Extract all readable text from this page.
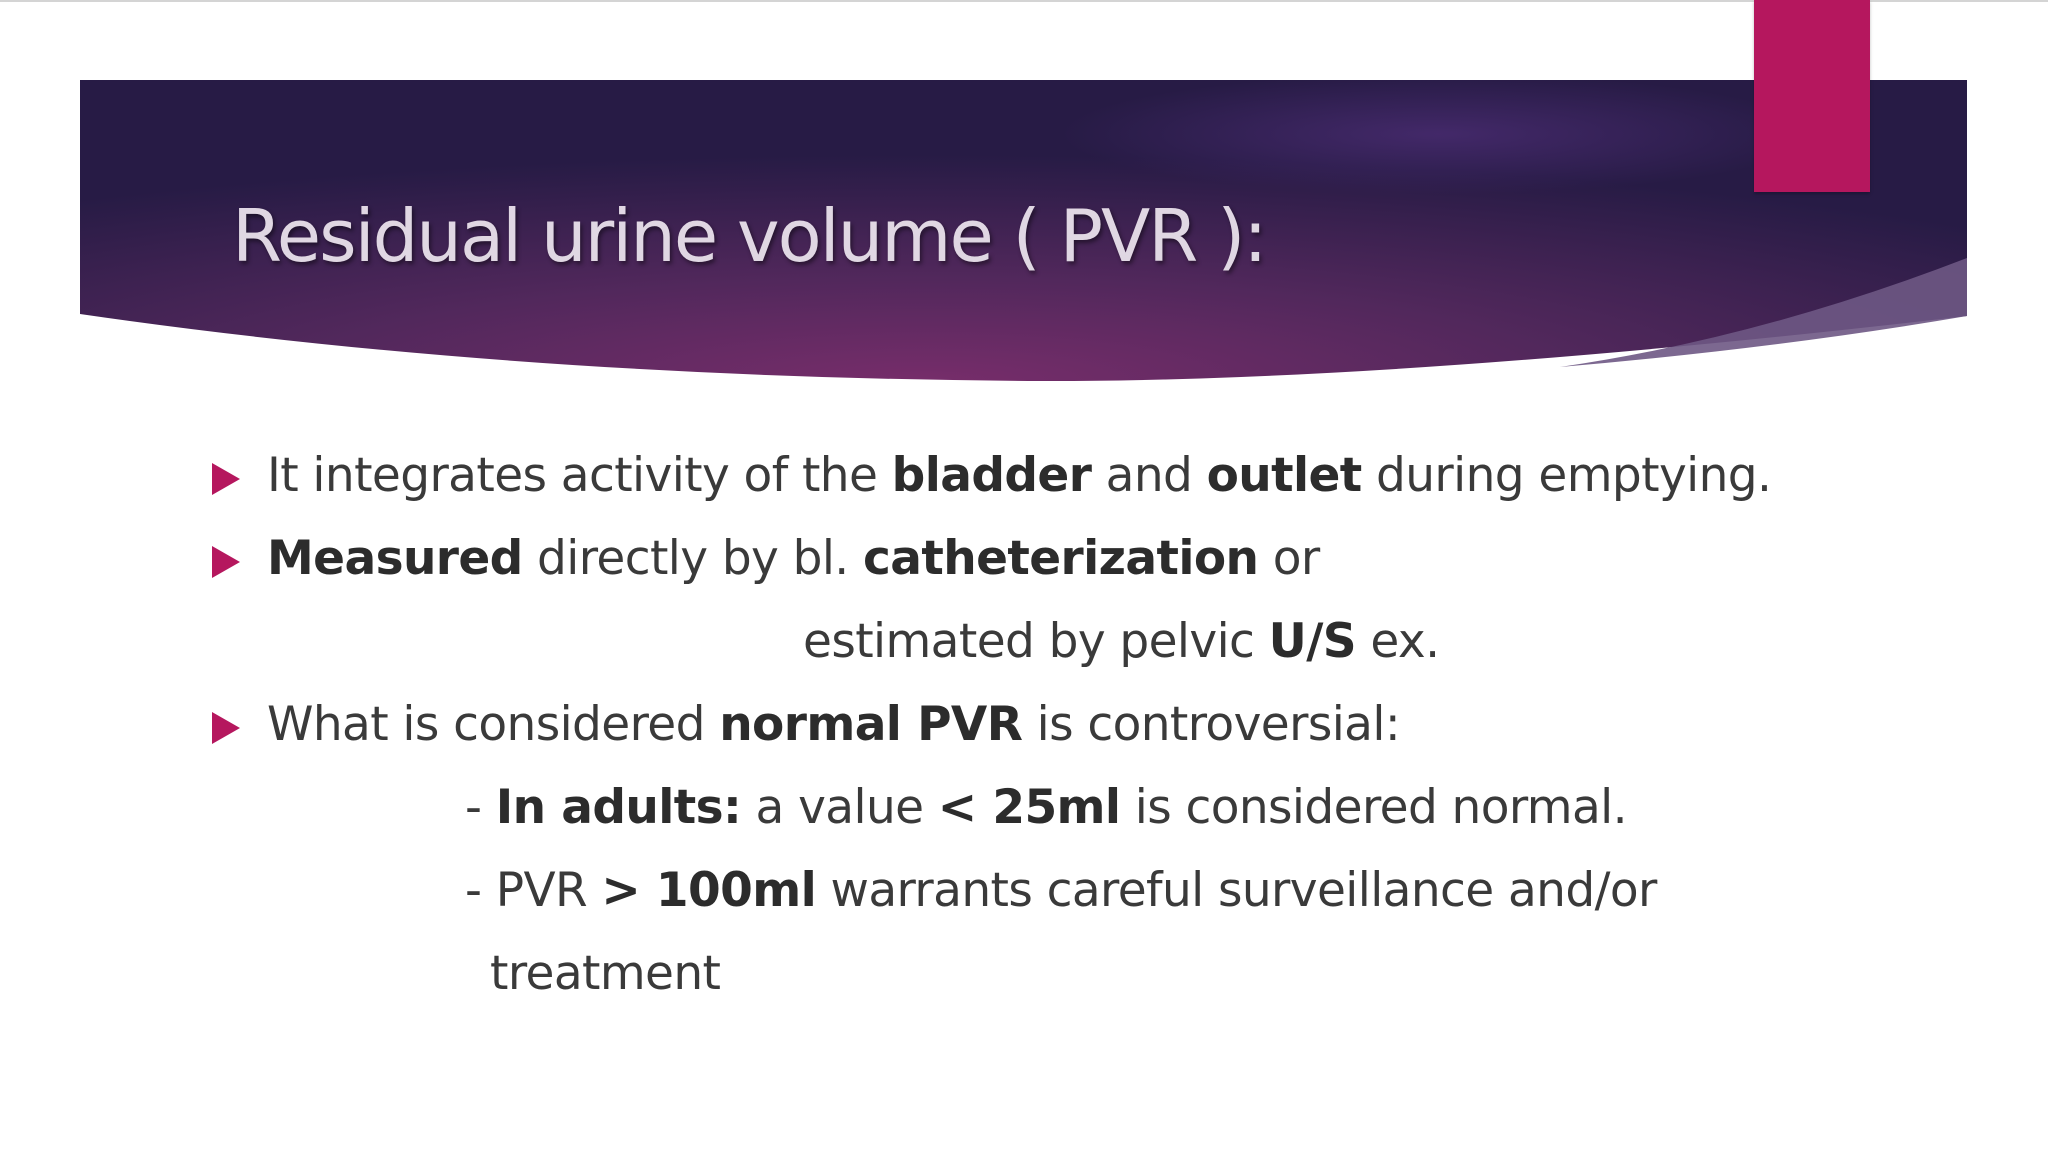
Residual urine volume ( PVR ):

It integrates activity of the bladder and outlet during emptying.

Measured directly by bl. catheterization or

estimated by pelvic U/S ex.

What is considered normal PVR is controversial:

- In adults: a value < 25ml is considered normal.

- PVR > 100ml warrants careful surveillance and/or

treatment
